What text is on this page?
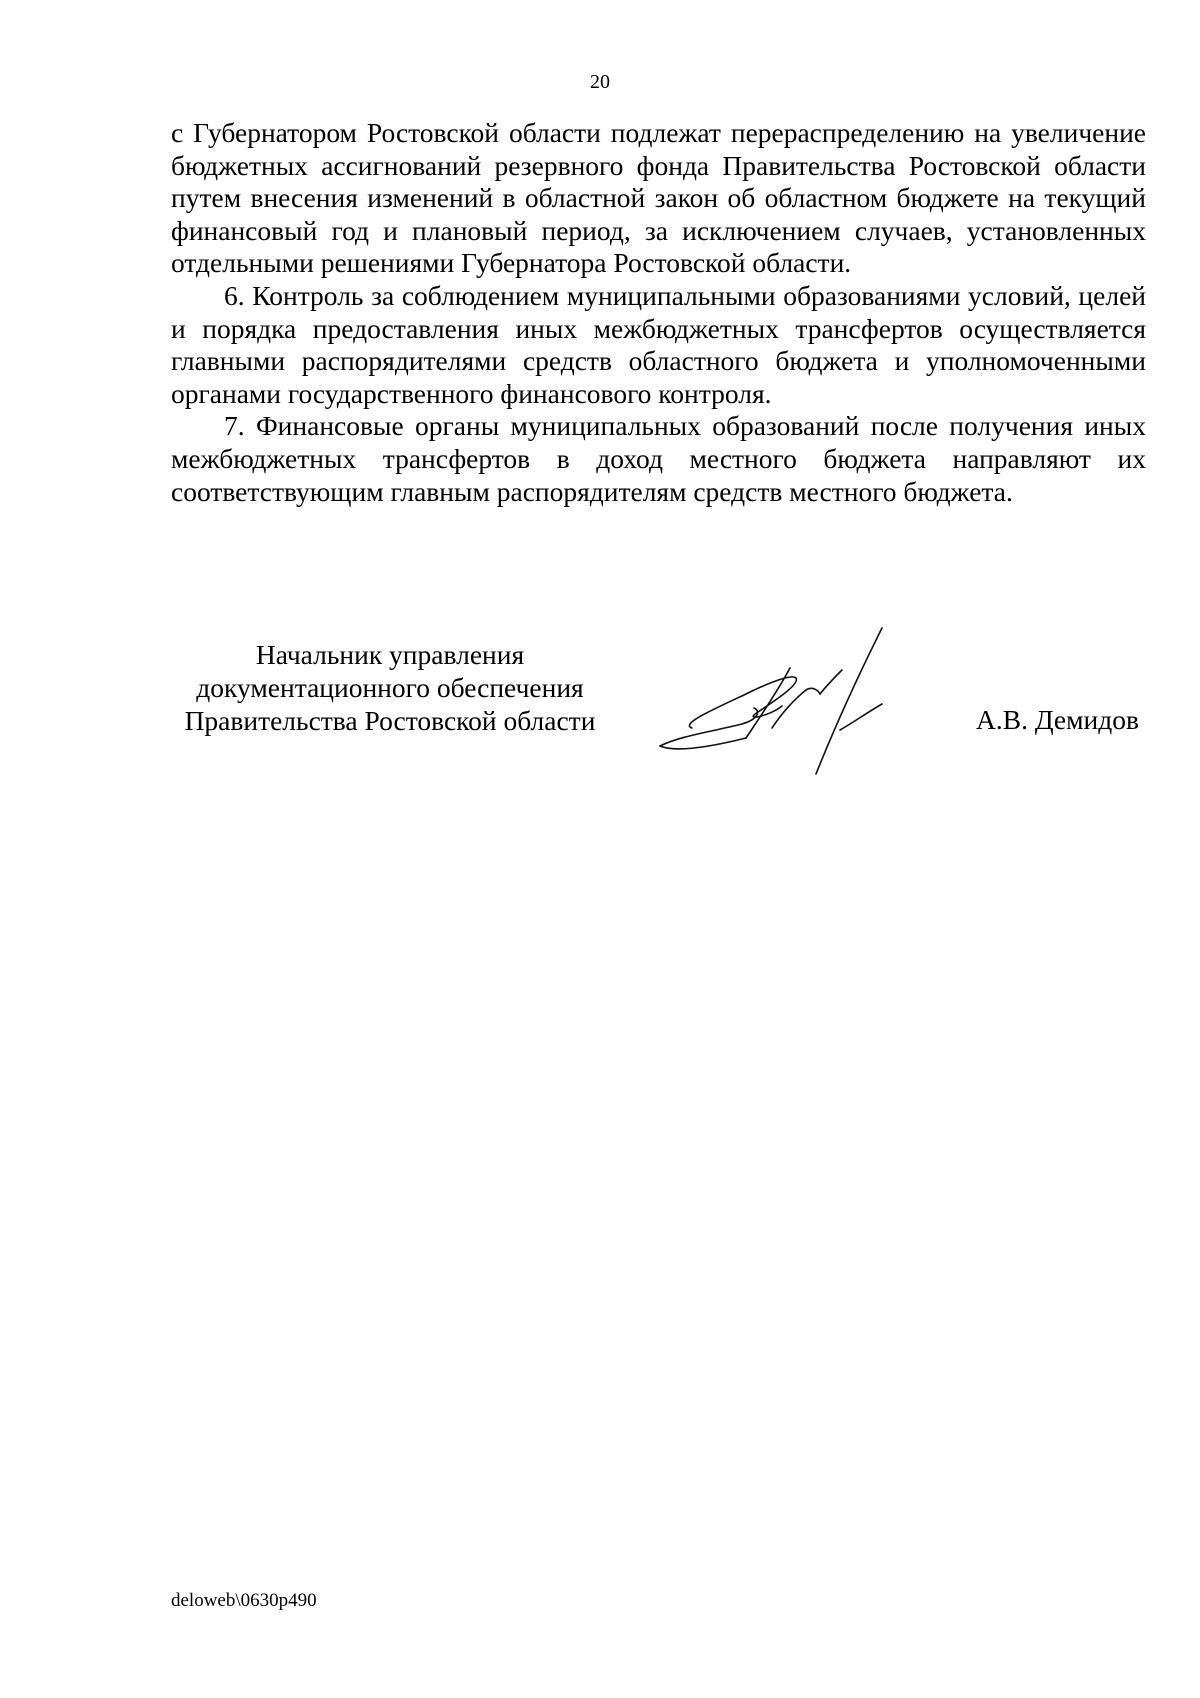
20

с Губернатором Ростовской области подлежат перераспределению на увеличение бюджетных ассигнований резервного фонда Правительства Ростовской области путем внесения изменений в областной закон об областном бюджете на текущий финансовый год и плановый период, за исключением случаев, установленных отдельными решениями Губернатора Ростовской области.

6. Контроль за соблюдением муниципальными образованиями условий, целей и порядка предоставления иных межбюджетных трансфертов осуществляется главными распорядителями средств областного бюджета и уполномоченными органами государственного финансового контроля.

7. Финансовые органы муниципальных образований после получения иных межбюджетных трансфертов в доход местного бюджета направляют их соответствующим главным распорядителям средств местного бюджета.

Начальник управления
документационного обеспечения
Правительства Ростовской области	А.В. Демидов
deloweb\0630p490
